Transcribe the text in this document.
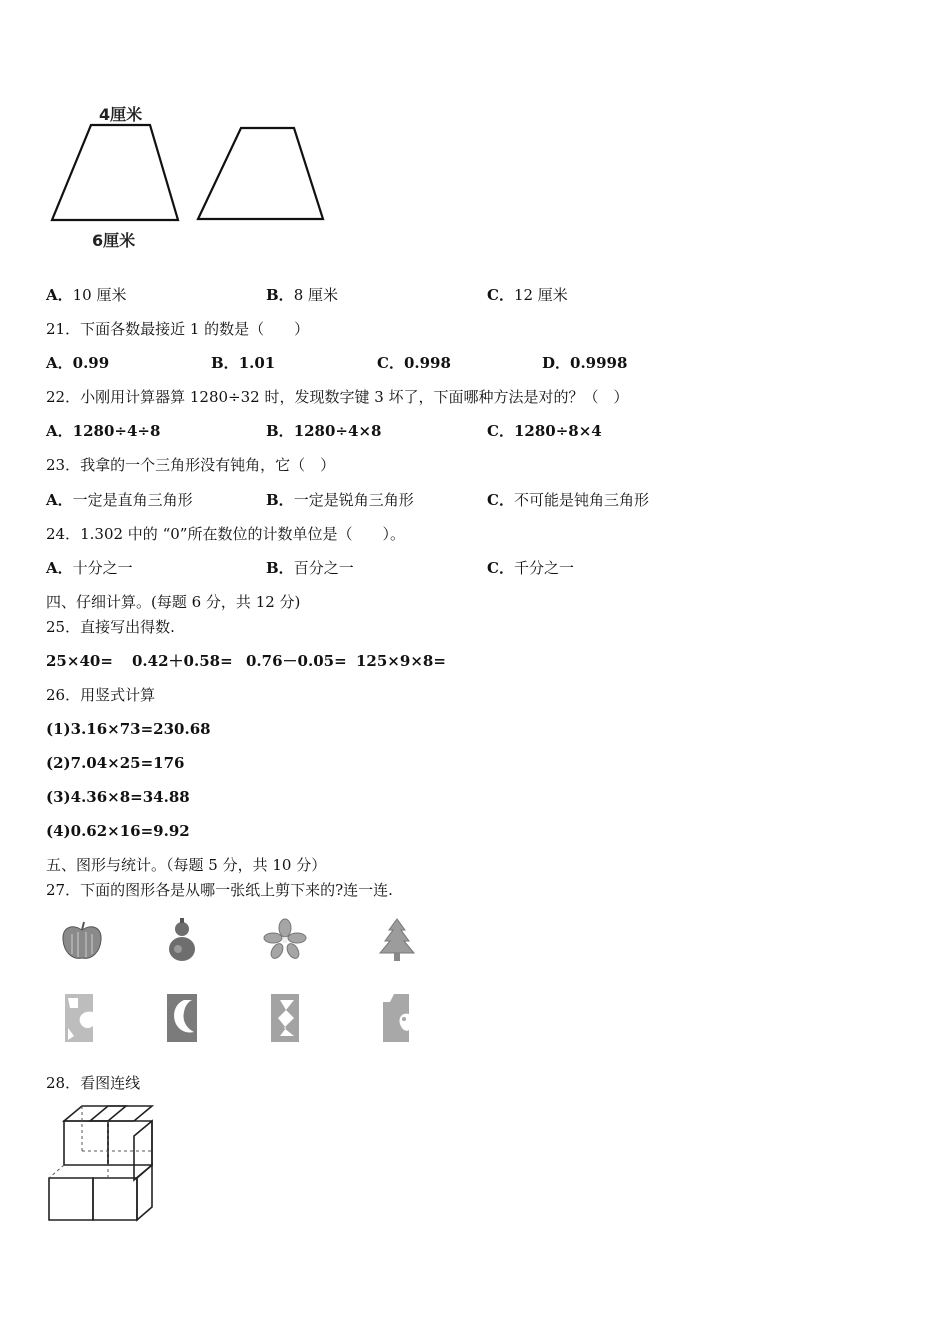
4厘米
6厘米
A．10 厘米	B．8 厘米	C．12 厘米
21．下面各数最接近 1 的数是（　　）
A．0.99	B．1.01	C．0.998	D．0.9998
22．小刚用计算器算 1280÷32 时，发现数字键 3 坏了，下面哪种方法是对的？（　）
A．1280÷4÷8	B．1280÷4×8	C．1280÷8×4
23．我拿的一个三角形没有钝角，它（　）
A．一定是直角三角形	B．一定是锐角三角形	C．不可能是钝角三角形
24．1.302 中的 “0”所在数位的计数单位是（　　）。
A．十分之一	B．百分之一	C．千分之一
四、仔细计算。(每题 6 分，共 12 分)
25．直接写出得数.
25×40= 0.42＋0.58= 0.76－0.05= 125×9×8=
26．用竖式计算
(1)3.16×73=230.68
(2)7.04×25=176
(3)4.36×8=34.88
(4)0.62×16=9.92
五、图形与统计。（每题 5 分，共 10 分）
27．下面的图形各是从哪一张纸上剪下来的?连一连.
28．看图连线
